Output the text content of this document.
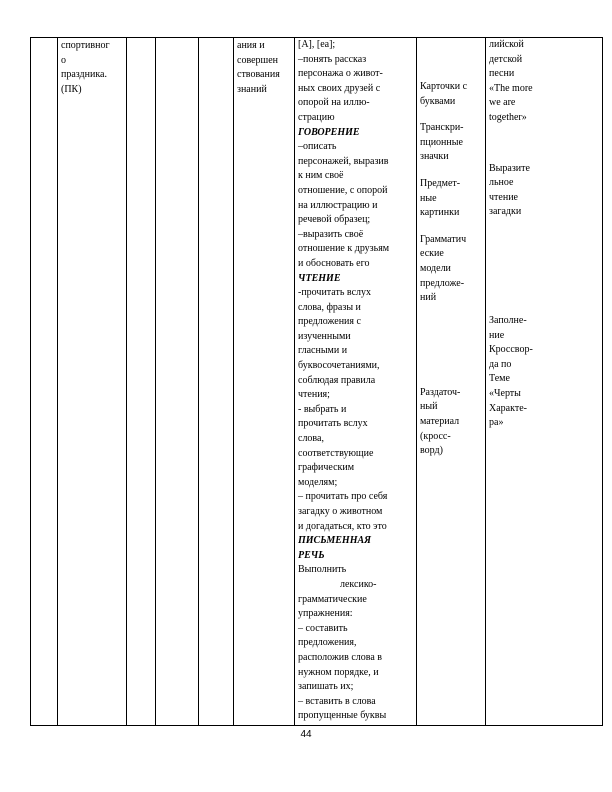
спортивног
о
праздника.
(ПК)

ания и
совершен
ствования
знаний

[A], [ea];
–понять рассказ
персонажа о живот-
ных своих друзей с
опорой на иллю-
страцию
ГОВОРЕНИЕ
–описать
персонажей, выразив
к ним своё
отношение, с опорой
на иллюстрацию и
речевой образец;
–выразить своё
отношение к друзьям
и обосновать его
ЧТЕНИЕ
-прочитать вслух
слова, фразы и
предложения с
изученными
гласными и
буквосочетаниями,
соблюдая правила
чтения;
- выбрать и
прочитать вслух
слова,
соответствующие
графическим
моделям;
– прочитать про себя
загадку о животном
и догадаться, кто это
ПИСЬМЕННАЯ
РЕЧЬ
Выполнить
лексико-
грамматические
упражнения:
– составить
предложения,
расположив слова в
нужном порядке, и
запишать их;
– вставить в слова
пропущенные буквы

Карточки с
буквами
Транскри-
пционные
значки
Предмет-
ные
картинки
Грамматич
еские
модели
предложе-
ний
Раздаточ-
ный
материал
(кросс-
ворд)

лийской
детской
песни
«The more
we are
together»
Выразите
льное
чтение
загадки
Заполне-
ние
Кроссвор-
да по
Теме
«Черты
Характe-
ра»
44
